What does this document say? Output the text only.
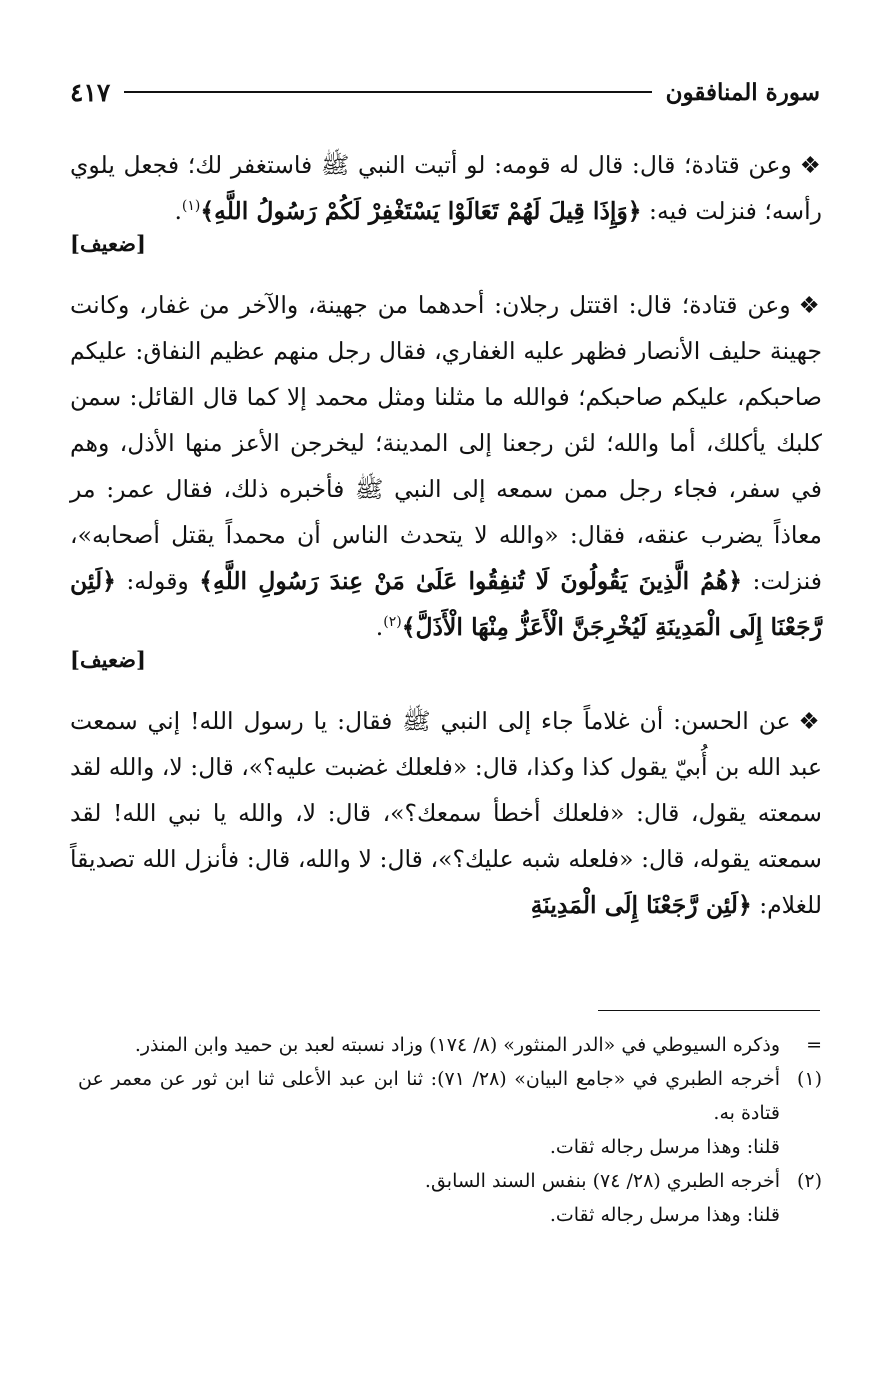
سورة المنافقون
٤١٧

❖وعن قتادة؛ قال: قال له قومه: لو أتيت النبي ﷺ فاستغفر لك؛ فجعل يلوي رأسه؛ فنزلت فيه: ﴿وَإِذَا قِيلَ لَهُمْ تَعَالَوْا يَسْتَغْفِرْ لَكُمْ رَسُولُ اللَّهِ﴾$^{(١)}$.

[ضعيف]

❖وعن قتادة؛ قال: اقتتل رجلان: أحدهما من جهينة، والآخر من غفار، وكانت جهينة حليف الأنصار فظهر عليه الغفاري، فقال رجل منهم عظيم النفاق: عليكم صاحبكم، عليكم صاحبكم؛ فوالله ما مثلنا ومثل محمد إلا كما قال القائل: سمن كلبك يأكلك، أما والله؛ لئن رجعنا إلى المدينة؛ ليخرجن الأعز منها الأذل، وهم في سفر، فجاء رجل ممن سمعه إلى النبي ﷺ فأخبره ذلك، فقال عمر: مر معاذاً يضرب عنقه، فقال: «والله لا يتحدث الناس أن محمداً يقتل أصحابه»، فنزلت: ﴿هُمُ الَّذِينَ يَقُولُونَ لَا تُنفِقُوا عَلَىٰ مَنْ عِندَ رَسُولِ اللَّهِ﴾ وقوله: ﴿لَئِن رَّجَعْنَا إِلَى الْمَدِينَةِ لَيُخْرِجَنَّ الْأَعَزُّ مِنْهَا الْأَذَلَّ﴾$^{(٢)}$.

[ضعيف]

❖عن الحسن: أن غلاماً جاء إلى النبي ﷺ فقال: يا رسول الله! إني سمعت عبد الله بن أُبيّ يقول كذا وكذا، قال: «فلعلك غضبت عليه؟»، قال: لا، والله لقد سمعته يقول، قال: «فلعلك أخطأ سمعك؟»، قال: لا، والله يا نبي الله! لقد سمعته يقوله، قال: «فلعله شبه عليك؟»، قال: لا والله، قال: فأنزل الله تصديقاً للغلام: ﴿لَئِن رَّجَعْنَا إِلَى الْمَدِينَةِ

=
وذكره السيوطي في «الدر المنثور» (٨/ ١٧٤) وزاد نسبته لعبد بن حميد وابن المنذر.
(١)
أخرجه الطبري في «جامع البيان» (٢٨/ ٧١): ثنا ابن عبد الأعلى ثنا ابن ثور عن معمر عن قتادة به.
قلنا: وهذا مرسل رجاله ثقات.
(٢)
أخرجه الطبري (٢٨/ ٧٤) بنفس السند السابق.
قلنا: وهذا مرسل رجاله ثقات.
